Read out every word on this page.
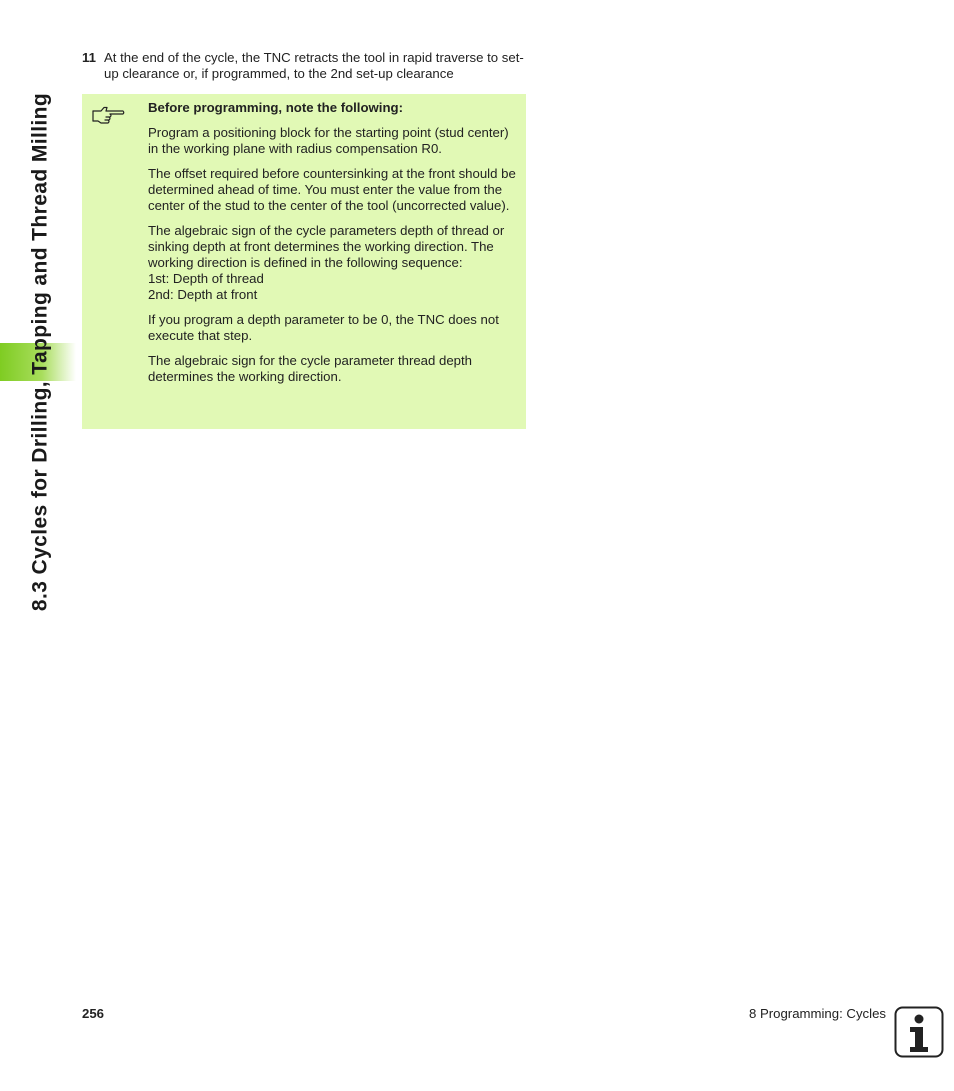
8.3 Cycles for Drilling, Tapping and Thread Milling
11 At the end of the cycle, the TNC retracts the tool in rapid traverse to set-up clearance or, if programmed, to the 2nd set-up clearance
Before programming, note the following:

Program a positioning block for the starting point (stud center) in the working plane with radius compensation R0.

The offset required before countersinking at the front should be determined ahead of time. You must enter the value from the center of the stud to the center of the tool (uncorrected value).

The algebraic sign of the cycle parameters depth of thread or sinking depth at front determines the working direction. The working direction is defined in the following sequence:
1st: Depth of thread
2nd: Depth at front

If you program a depth parameter to be 0, the TNC does not execute that step.

The algebraic sign for the cycle parameter thread depth determines the working direction.

256	8 Programming: Cycles
